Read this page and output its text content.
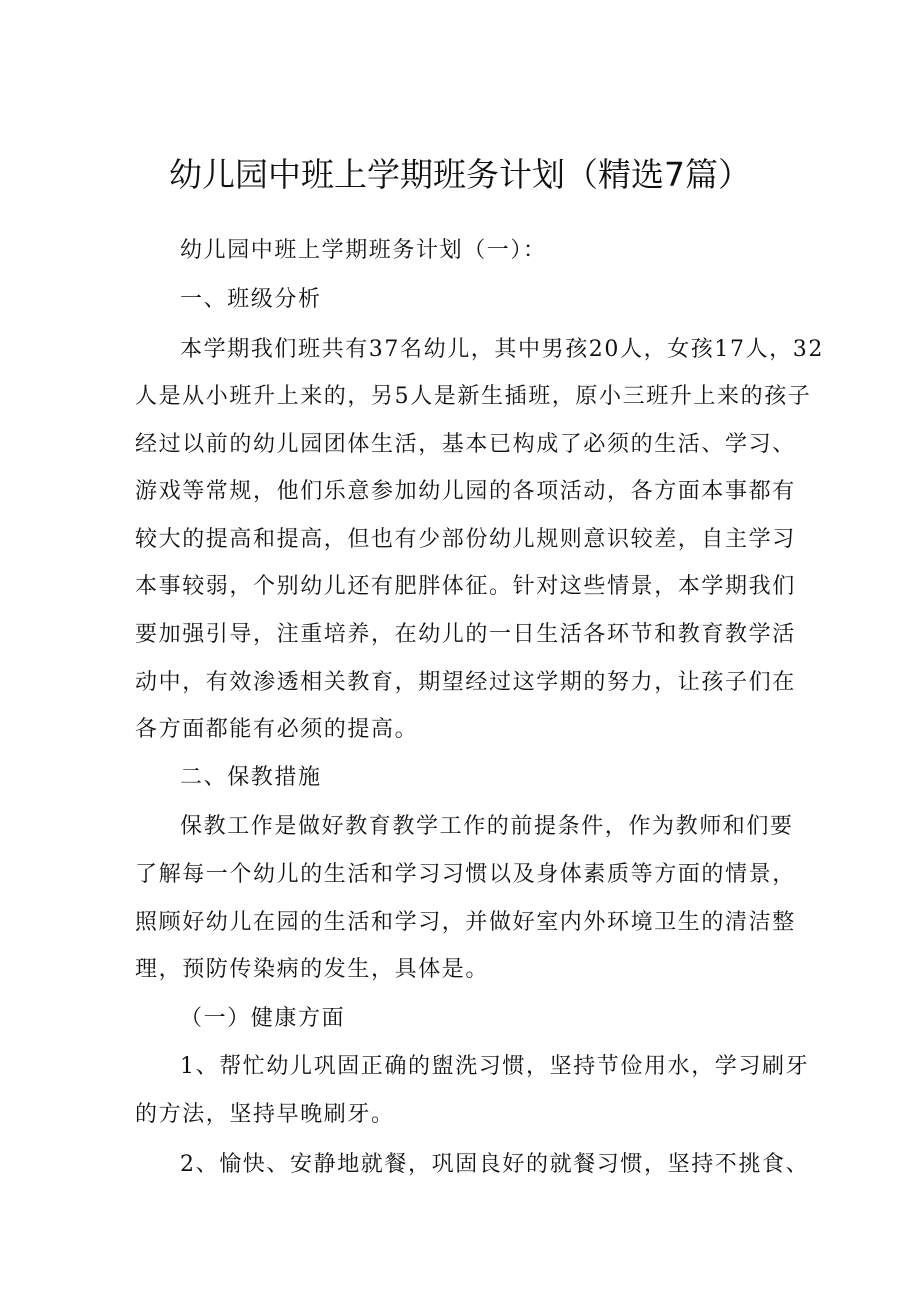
幼儿园中班上学期班务计划（精选7篇）
幼儿园中班上学期班务计划（一）：
一、班级分析
本学期我们班共有37名幼儿，其中男孩20人，女孩17人，32
人是从小班升上来的，另5人是新生插班，原小三班升上来的孩子
经过以前的幼儿园团体生活，基本已构成了必须的生活、学习、
游戏等常规，他们乐意参加幼儿园的各项活动，各方面本事都有
较大的提高和提高，但也有少部份幼儿规则意识较差，自主学习
本事较弱，个别幼儿还有肥胖体征。针对这些情景，本学期我们
要加强引导，注重培养，在幼儿的一日生活各环节和教育教学活
动中，有效渗透相关教育，期望经过这学期的努力，让孩子们在
各方面都能有必须的提高。
二、保教措施
保教工作是做好教育教学工作的前提条件，作为教师和们要
了解每一个幼儿的生活和学习习惯以及身体素质等方面的情景，
照顾好幼儿在园的生活和学习，并做好室内外环境卫生的清洁整
理，预防传染病的发生，具体是。
（一）健康方面
1、帮忙幼儿巩固正确的盥洗习惯，坚持节俭用水，学习刷牙
的方法，坚持早晚刷牙。
2、愉快、安静地就餐，巩固良好的就餐习惯，坚持不挑食、
